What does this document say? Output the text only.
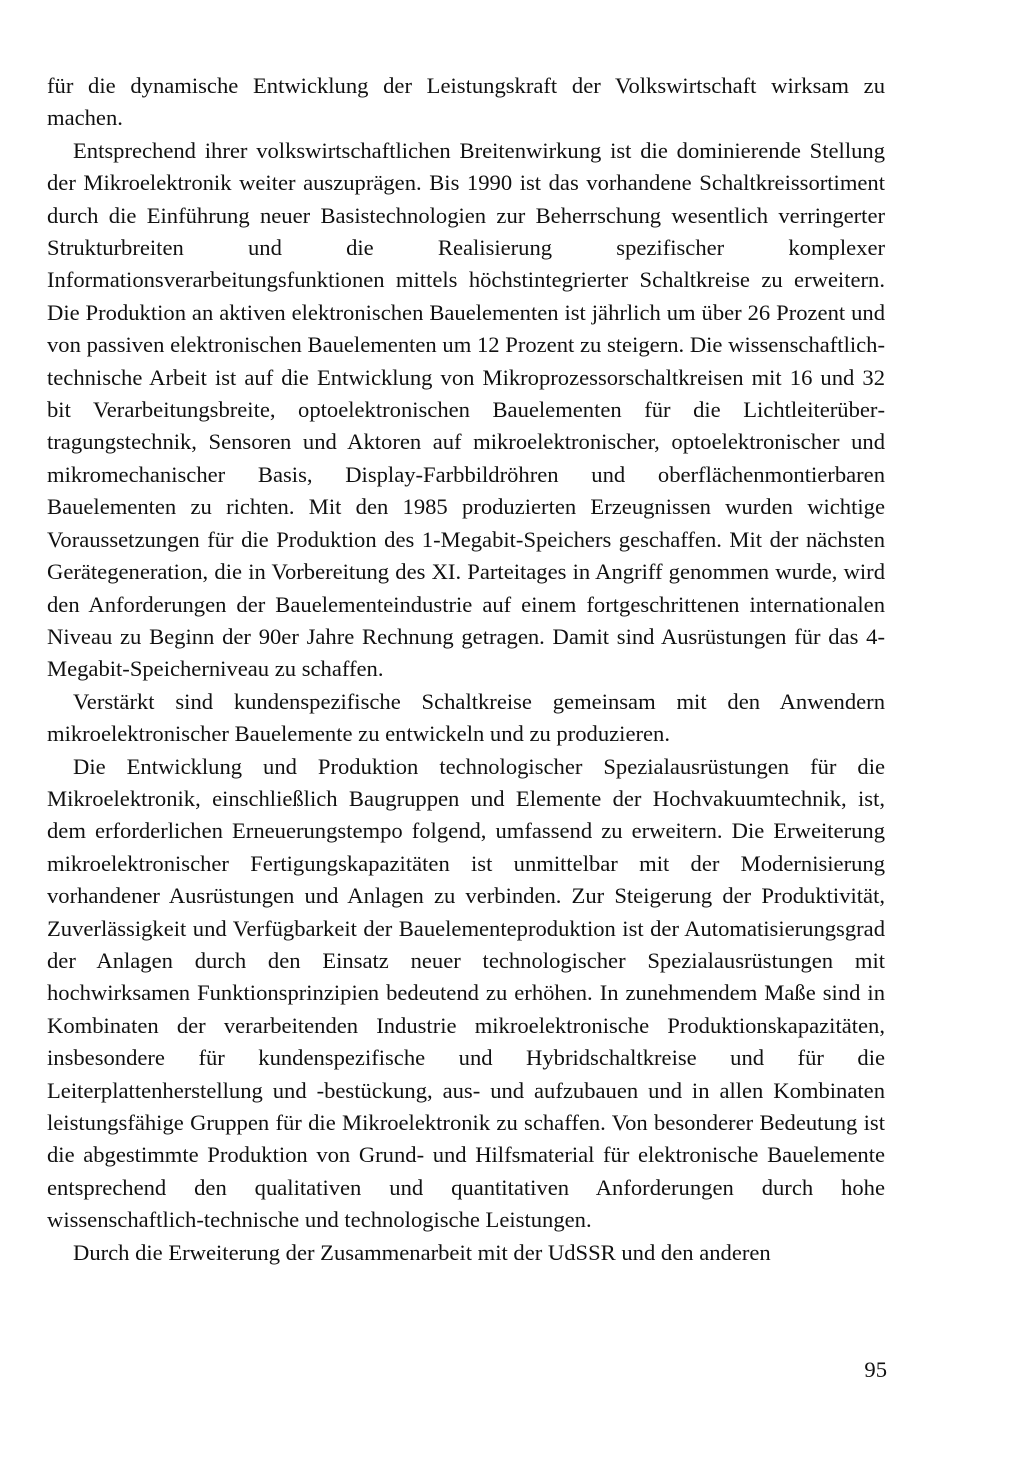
für die dynamische Entwicklung der Leistungskraft der Volkswirtschaft wirksam zu machen.

Entsprechend ihrer volkswirtschaftlichen Breitenwirkung ist die dominierende Stellung der Mikroelektronik weiter auszuprägen. Bis 1990 ist das vorhandene Schaltkreissortiment durch die Einführung neuer Basistechnologien zur Beherrschung wesentlich verringerter Strukturbreiten und die Realisierung spezifischer komplexer Informationsverarbeitungsfunktionen mittels höchstintegrierter Schaltkreise zu erweitern. Die Produktion an aktiven elektronischen Bauelementen ist jährlich um über 26 Prozent und von passiven elektronischen Bauelementen um 12 Prozent zu steigern. Die wissenschaftlich-technische Arbeit ist auf die Entwicklung von Mikroprozessorschaltkreisen mit 16 und 32 bit Verarbeitungsbreite, optoelektronischen Bauelementen für die Lichtleiterübertragungstechnik, Sensoren und Aktoren auf mikroelektronischer, optoelektronischer und mikromechanischer Basis, Display-Farbbildröhren und oberflächenmontierbaren Bauelementen zu richten. Mit den 1985 produzierten Erzeugnissen wurden wichtige Voraussetzungen für die Produktion des 1-Megabit-Speichers geschaffen. Mit der nächsten Gerätegeneration, die in Vorbereitung des XI. Parteitages in Angriff genommen wurde, wird den Anforderungen der Bauelementeindustrie auf einem fortgeschrittenen internationalen Niveau zu Beginn der 90er Jahre Rechnung getragen. Damit sind Ausrüstungen für das 4-Megabit-Speicherniveau zu schaffen.

Verstärkt sind kundenspezifische Schaltkreise gemeinsam mit den Anwendern mikroelektronischer Bauelemente zu entwickeln und zu produzieren.

Die Entwicklung und Produktion technologischer Spezialausrüstungen für die Mikroelektronik, einschließlich Baugruppen und Elemente der Hochvakuumtechnik, ist, dem erforderlichen Erneuerungstempo folgend, umfassend zu erweitern. Die Erweiterung mikroelektronischer Fertigungskapazitäten ist unmittelbar mit der Modernisierung vorhandener Ausrüstungen und Anlagen zu verbinden. Zur Steigerung der Produktivität, Zuverlässigkeit und Verfügbarkeit der Bauelementeproduktion ist der Automatisierungsgrad der Anlagen durch den Einsatz neuer technologischer Spezialausrüstungen mit hochwirksamen Funktionsprinzipien bedeutend zu erhöhen. In zunehmendem Maße sind in Kombinaten der verarbeitenden Industrie mikroelektronische Produktionskapazitäten, insbesondere für kundenspezifische und Hybridschaltkreise und für die Leiterplattenherstellung und -bestückung, aus- und aufzubauen und in allen Kombinaten leistungsfähige Gruppen für die Mikroelektronik zu schaffen. Von besonderer Bedeutung ist die abgestimmte Produktion von Grund- und Hilfsmaterial für elektronische Bauelemente entsprechend den qualitativen und quantitativen Anforderungen durch hohe wissenschaftlich-technische und technologische Leistungen.

Durch die Erweiterung der Zusammenarbeit mit der UdSSR und den anderen

95
